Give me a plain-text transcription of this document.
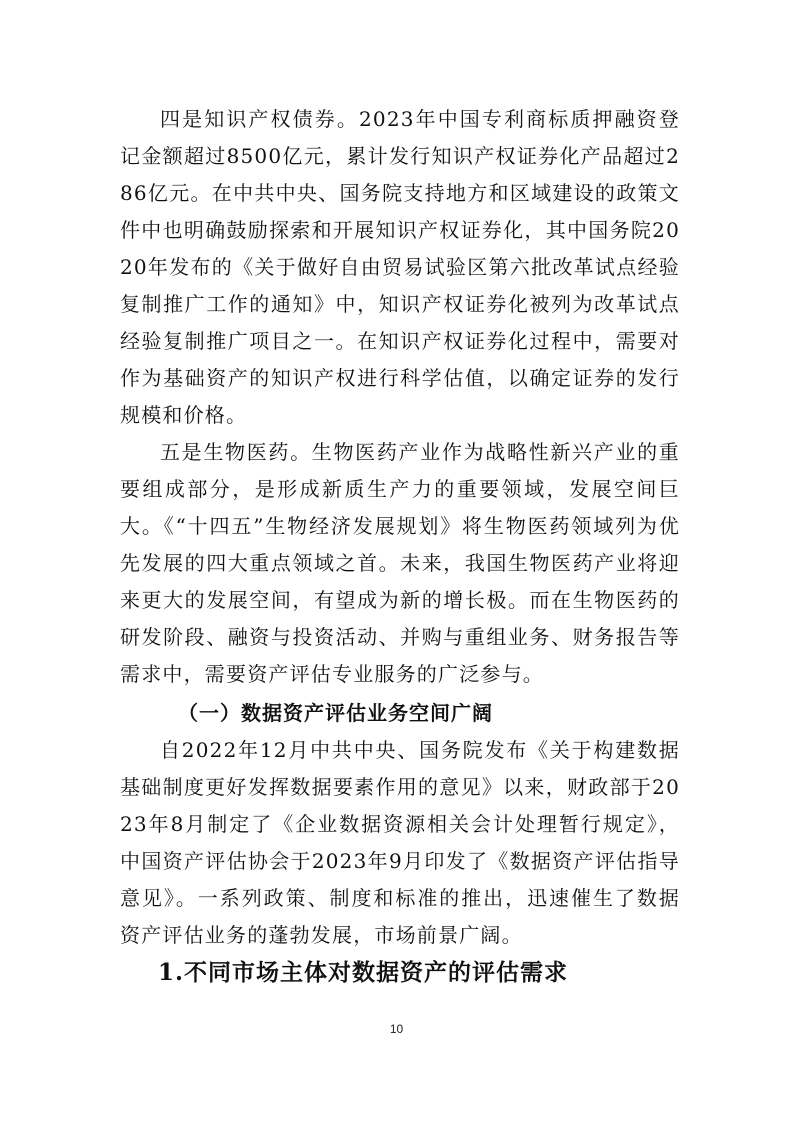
四是知识产权债券。2023年中国专利商标质押融资登记金额超过8500亿元，累计发行知识产权证券化产品超过286亿元。在中共中央、国务院支持地方和区域建设的政策文件中也明确鼓励探索和开展知识产权证券化，其中国务院2020年发布的《关于做好自由贸易试验区第六批改革试点经验复制推广工作的通知》中，知识产权证券化被列为改革试点经验复制推广项目之一。在知识产权证券化过程中，需要对作为基础资产的知识产权进行科学估值，以确定证券的发行规模和价格。

五是生物医药。生物医药产业作为战略性新兴产业的重要组成部分，是形成新质生产力的重要领域，发展空间巨大。《“十四五”生物经济发展规划》将生物医药领域列为优先发展的四大重点领域之首。未来，我国生物医药产业将迎来更大的发展空间，有望成为新的增长极。而在生物医药的研发阶段、融资与投资活动、并购与重组业务、财务报告等需求中，需要资产评估专业服务的广泛参与。

（一）数据资产评估业务空间广阔

自2022年12月中共中央、国务院发布《关于构建数据基础制度更好发挥数据要素作用的意见》以来，财政部于2023年8月制定了《企业数据资源相关会计处理暂行规定》，中国资产评估协会于2023年9月印发了《数据资产评估指导意见》。一系列政策、制度和标准的推出，迅速催生了数据资产评估业务的蓬勃发展，市场前景广阔。

1.不同市场主体对数据资产的评估需求
10
